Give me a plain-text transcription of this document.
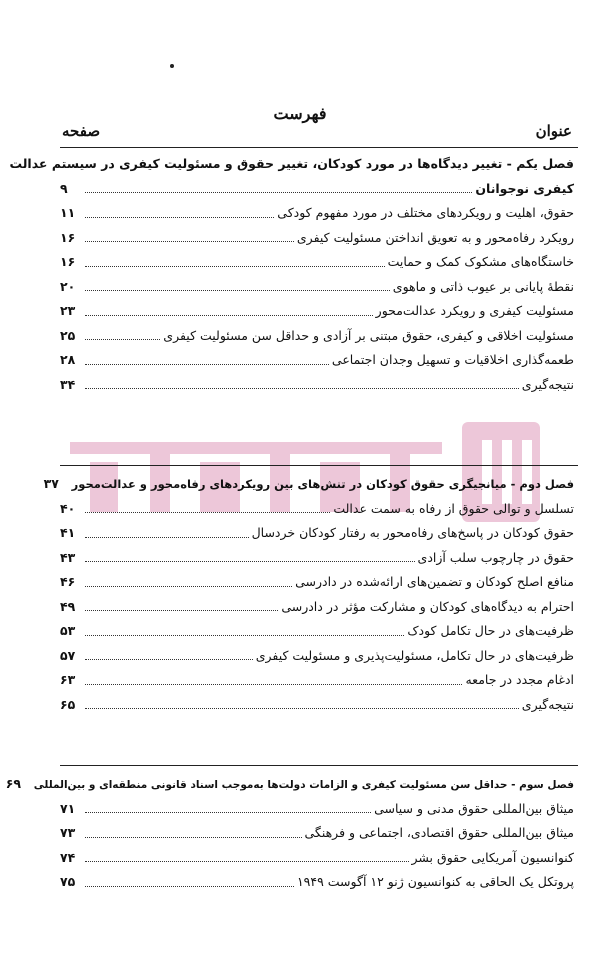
فهرست
عنوان
صفحه
فصل یکم - تغییر دیدگاه‌ها در مورد کودکان، تغییر حقوق و مسئولیت کیفری در سیستم عدالت
کیفری نوجوانان
۹
حقوق، اهلیت و رویکردهای مختلف در مورد مفهوم کودکی
۱۱
رویکرد رفاه‌محور و به تعویق انداختن مسئولیت کیفری
۱۶
خاستگاه‌های مشکوک کمک و حمایت
۱۶
نقطهٔ پایانی بر عیوب ذاتی و ماهوی
۲۰
مسئولیت کیفری و رویکرد عدالت‌محور
۲۳
مسئولیت اخلاقی و کیفری، حقوق مبتنی بر آزادی و حداقل سن مسئولیت کیفری
۲۵
طعمه‌گذاری اخلاقیات و تسهیل وجدان اجتماعی
۲۸
نتیجه‌گیری
۳۴
فصل دوم - میانجیگری حقوق کودکان در تنش‌های بین رویکردهای رفاه‌محور و عدالت‌محور
۳۷
تسلسل و توالی حقوق از رفاه به سمت عدالت
۴۰
حقوق کودکان در پاسخ‌های رفاه‌محور به رفتار کودکان خردسال
۴۱
حقوق در چارچوب سلب آزادی
۴۳
منافع اصلح کودکان و تضمین‌های ارائه‌شده در دادرسی
۴۶
احترام به دیدگاه‌های کودکان و مشارکت مؤثر در دادرسی
۴۹
ظرفیت‌های در حال تکامل کودک
۵۳
ظرفیت‌های در حال تکامل، مسئولیت‌پذیری و مسئولیت کیفری
۵۷
ادغام مجدد در جامعه
۶۳
نتیجه‌گیری
۶۵
فصل سوم - حداقل سن مسئولیت کیفری و الزامات دولت‌ها به‌موجب اسناد قانونی منطقه‌ای و بین‌المللی
۶۹
میثاق بین‌المللی حقوق مدنی و سیاسی
۷۱
میثاق بین‌المللی حقوق اقتصادی، اجتماعی و فرهنگی
۷۳
کنوانسیون آمریکایی حقوق بشر
۷۴
پروتکل یک الحاقی به کنوانسیون ژنو ۱۲ آگوست ۱۹۴۹
۷۵
